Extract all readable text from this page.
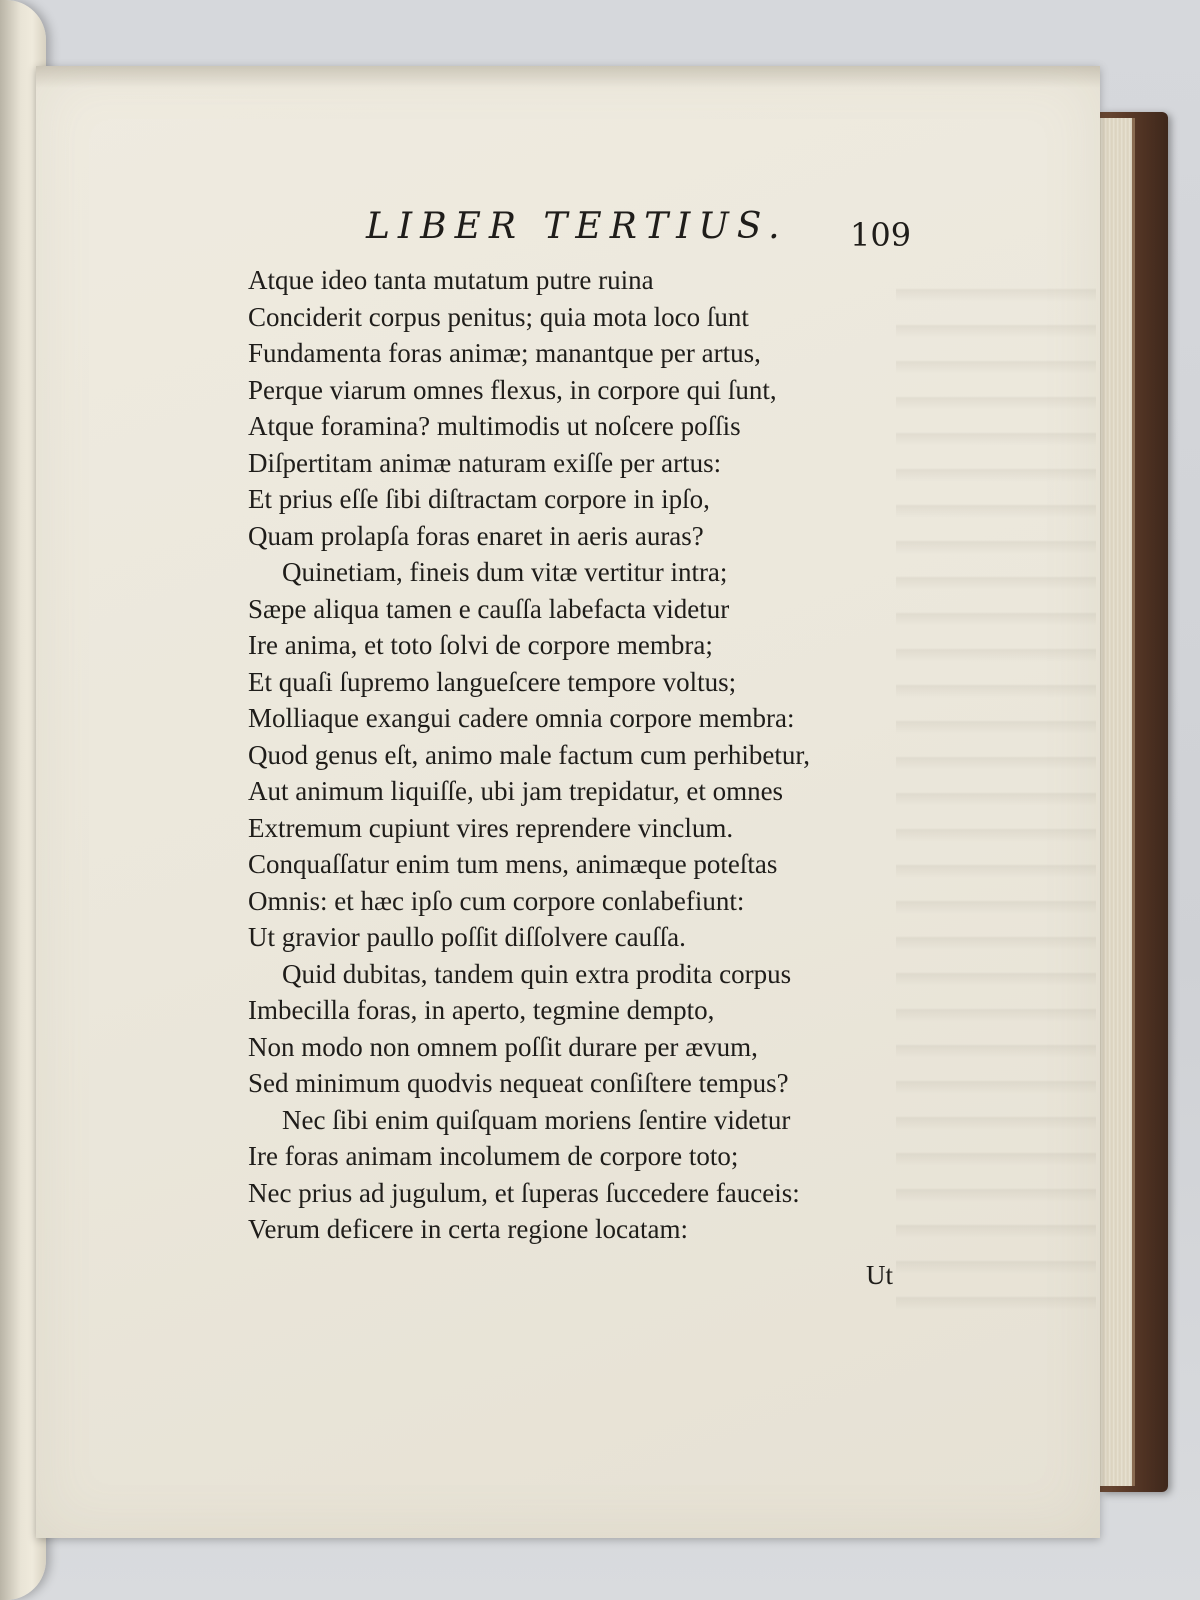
LIBER TERTIUS. 109
Atque ideo tanta mutatum putre ruina
Conciderit corpus penitus; quia mota loco ſunt
Fundamenta foras animæ; manantque per artus,
Perque viarum omnes flexus, in corpore qui ſunt,
Atque foramina? multimodis ut noſcere poſſis
Diſpertitam animæ naturam exiſſe per artus:
Et prius eſſe ſibi diſtractam corpore in ipſo,
Quam prolapſa foras enaret in aeris auras?
Quinetiam, fineis dum vitæ vertitur intra;
Sæpe aliqua tamen e cauſſa labefacta videtur
Ire anima, et toto ſolvi de corpore membra;
Et quaſi ſupremo langueſcere tempore voltus;
Molliaque exangui cadere omnia corpore membra:
Quod genus eſt, animo male factum cum perhibetur,
Aut animum liquiſſe, ubi jam trepidatur, et omnes
Extremum cupiunt vires reprendere vinclum.
Conquaſſatur enim tum mens, animæque poteſtas
Omnis: et hæc ipſo cum corpore conlabefiunt:
Ut gravior paullo poſſit diſſolvere cauſſa.
Quid dubitas, tandem quin extra prodita corpus
Imbecilla foras, in aperto, tegmine dempto,
Non modo non omnem poſſit durare per ævum,
Sed minimum quodvis nequeat conſiſtere tempus?
Nec ſibi enim quiſquam moriens ſentire videtur
Ire foras animam incolumem de corpore toto;
Nec prius ad jugulum, et ſuperas ſuccedere fauceis:
Verum deficere in certa regione locatam:
Ut
